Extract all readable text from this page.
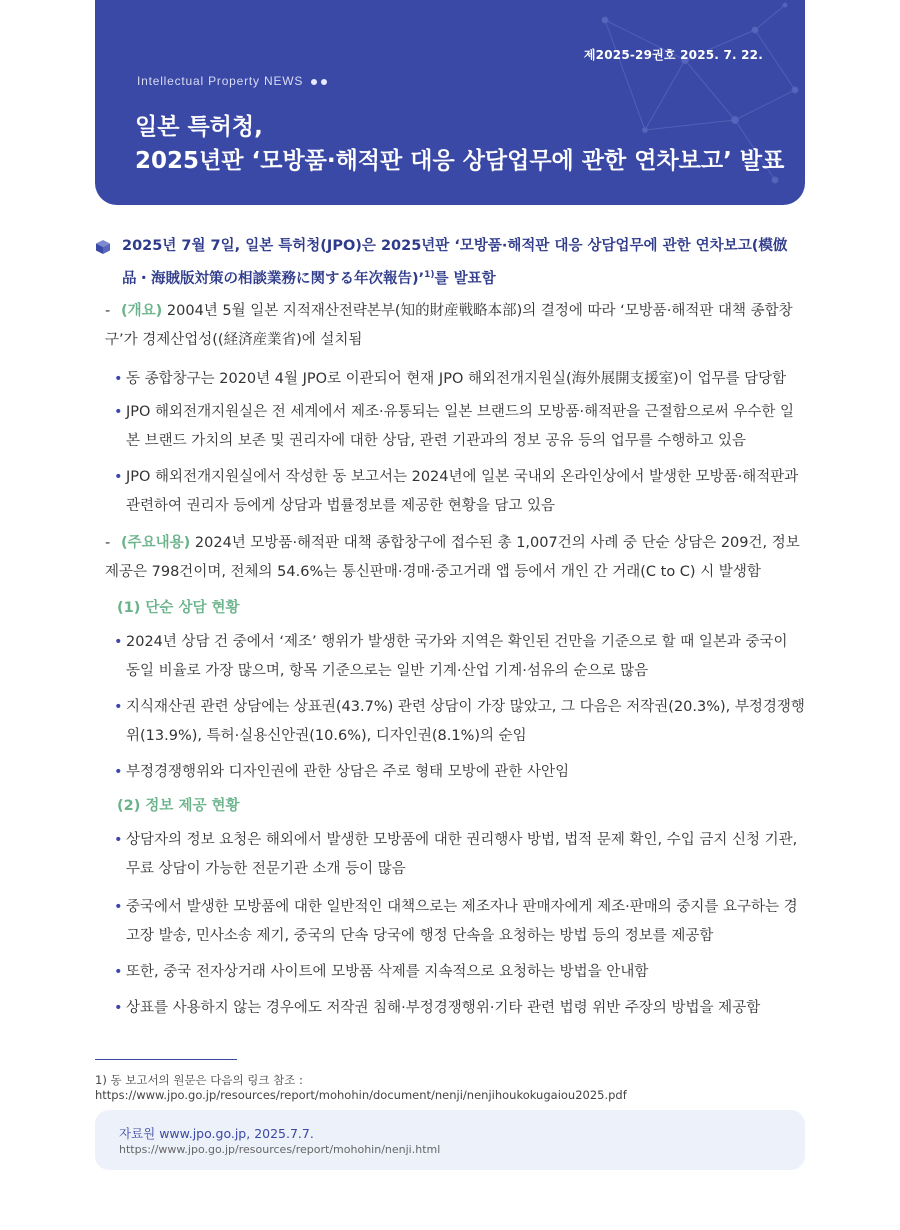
제2025-29권호 2025. 7. 22.
Intellectual Property NEWS
일본 특허청,
2025년판 ‘모방품·해적판 대응 상담업무에 관한 연차보고’ 발표
2025년 7월 7일, 일본 특허청(JPO)은 2025년판 ‘모방품·해적판 대응 상담업무에 관한 연차보고(模倣品・海賊版対策の相談業務に関する年次報告)’$^{1)}$를 발표함
- (개요) 2004년 5월 일본 지적재산전략본부(知的財産戦略本部)의 결정에 따라 ‘모방품·해적판 대책 종합창구’가 경제산업성((経済産業省)에 설치됨
• 동 종합창구는 2020년 4월 JPO로 이관되어 현재 JPO 해외전개지원실(海外展開支援室)이 업무를 담당함
• JPO 해외전개지원실은 전 세계에서 제조·유통되는 일본 브랜드의 모방품·해적판을 근절함으로써 우수한 일본 브랜드 가치의 보존 및 권리자에 대한 상담, 관련 기관과의 정보 공유 등의 업무를 수행하고 있음
• JPO 해외전개지원실에서 작성한 동 보고서는 2024년에 일본 국내외 온라인상에서 발생한 모방품·해적판과 관련하여 권리자 등에게 상담과 법률정보를 제공한 현황을 담고 있음
- (주요내용) 2024년 모방품·해적판 대책 종합창구에 접수된 총 1,007건의 사례 중 단순 상담은 209건, 정보 제공은 798건이며, 전체의 54.6%는 통신판매·경매·중고거래 앱 등에서 개인 간 거래(C to C) 시 발생함
(1) 단순 상담 현황
• 2024년 상담 건 중에서 ‘제조’ 행위가 발생한 국가와 지역은 확인된 건만을 기준으로 할 때 일본과 중국이 동일 비율로 가장 많으며, 항목 기준으로는 일반 기계·산업 기계·섬유의 순으로 많음
• 지식재산권 관련 상담에는 상표권(43.7%) 관련 상담이 가장 많았고, 그 다음은 저작권(20.3%), 부정경쟁행위(13.9%), 특허·실용신안권(10.6%), 디자인권(8.1%)의 순임
• 부정경쟁행위와 디자인권에 관한 상담은 주로 형태 모방에 관한 사안임
(2) 정보 제공 현황
• 상담자의 정보 요청은 해외에서 발생한 모방품에 대한 권리행사 방법, 법적 문제 확인, 수입 금지 신청 기관, 무료 상담이 가능한 전문기관 소개 등이 많음
• 중국에서 발생한 모방품에 대한 일반적인 대책으로는 제조자나 판매자에게 제조·판매의 중지를 요구하는 경고장 발송, 민사소송 제기, 중국의 단속 당국에 행정 단속을 요청하는 방법 등의 정보를 제공함
• 또한, 중국 전자상거래 사이트에 모방품 삭제를 지속적으로 요청하는 방법을 안내함
• 상표를 사용하지 않는 경우에도 저작권 침해·부정경쟁행위·기타 관련 법령 위반 주장의 방법을 제공함
1) 동 보고서의 원문은 다음의 링크 참조 : https://www.jpo.go.jp/resources/report/mohohin/document/nenji/nenjihoukokugaiou2025.pdf
자료원 www.jpo.go.jp, 2025.7.7.
https://www.jpo.go.jp/resources/report/mohohin/nenji.html
